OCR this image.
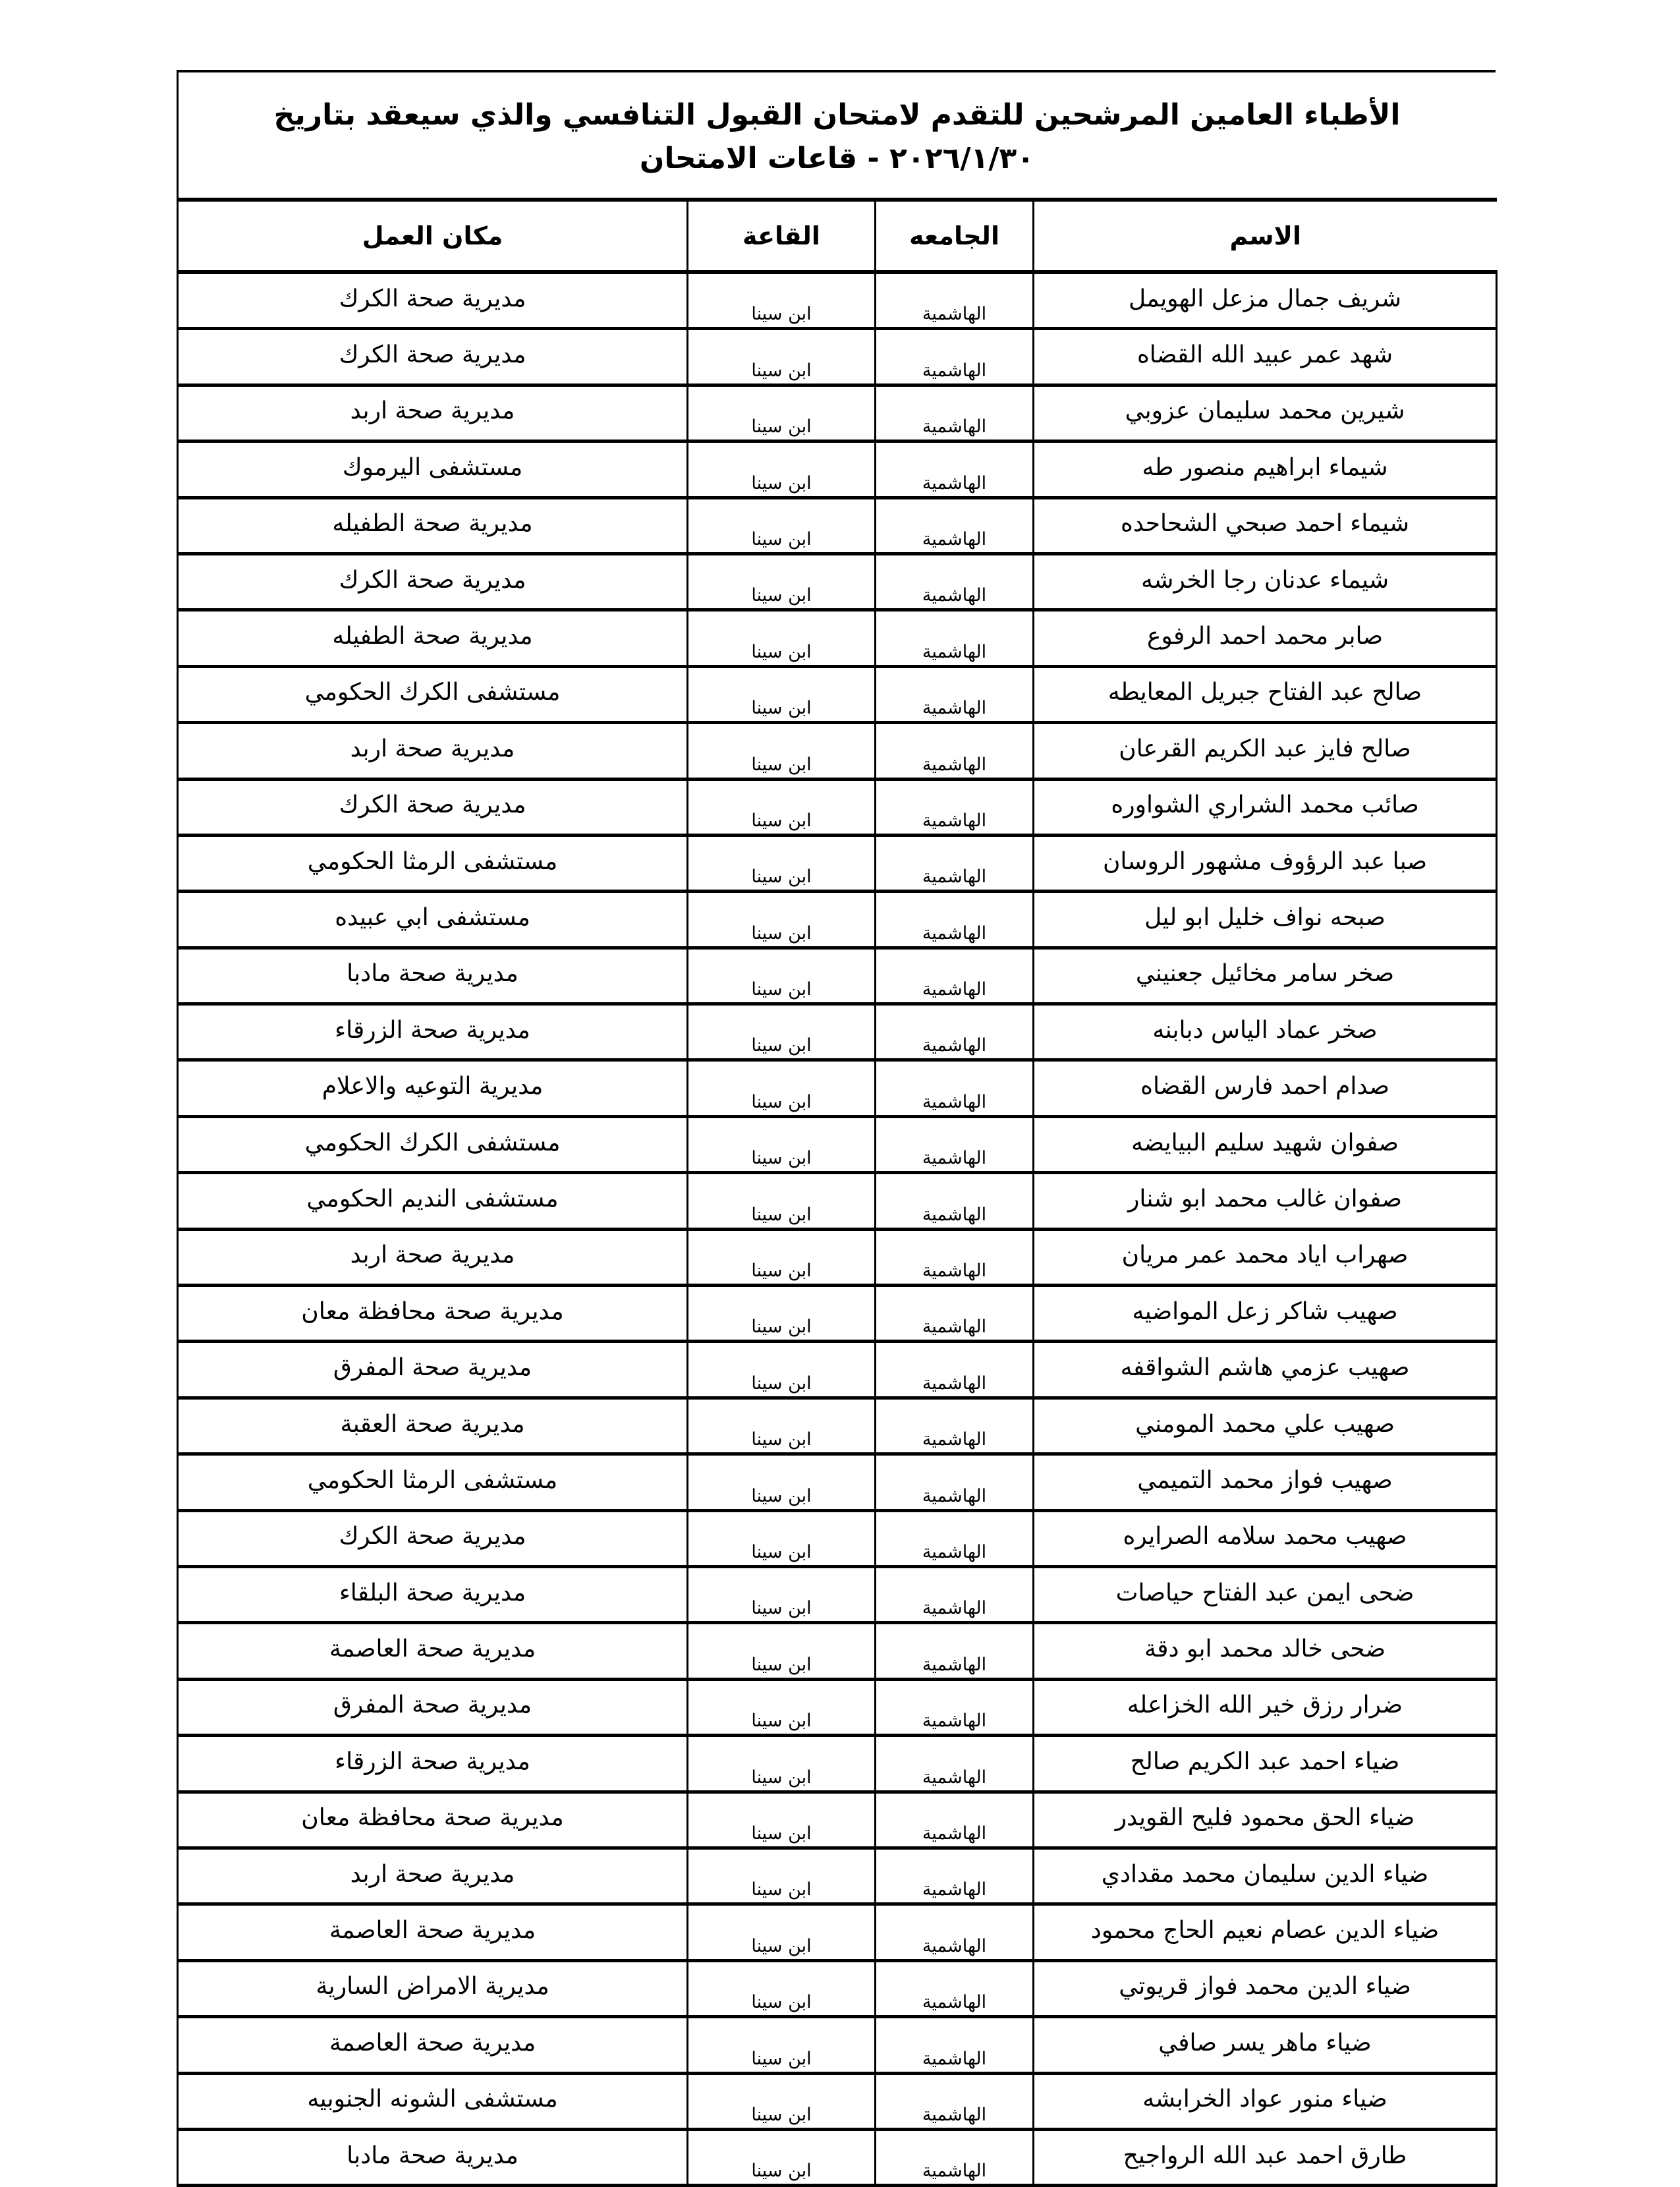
الأطباء العامين المرشحين للتقدم لامتحان القبول التنافسي والذي سيعقد بتاريخ ٢٠٢٦/١/٣٠ - قاعات الامتحان
الاسم	الجامعه	القاعة	مكان العمل
شريف جمال مزعل الهويمل	الهاشمية	ابن سينا	مديرية صحة الكرك
شهد عمر عبيد الله القضاه	الهاشمية	ابن سينا	مديرية صحة الكرك
شيرين محمد سليمان عزوبي	الهاشمية	ابن سينا	مديرية صحة اربد
شيماء ابراهيم منصور طه	الهاشمية	ابن سينا	مستشفى اليرموك
شيماء احمد صبحي الشحاحده	الهاشمية	ابن سينا	مديرية صحة الطفيله
شيماء عدنان رجا الخرشه	الهاشمية	ابن سينا	مديرية صحة الكرك
صابر محمد احمد الرفوع	الهاشمية	ابن سينا	مديرية صحة الطفيله
صالح عبد الفتاح جبريل المعايطه	الهاشمية	ابن سينا	مستشفى الكرك الحكومي
صالح فايز عبد الكريم القرعان	الهاشمية	ابن سينا	مديرية صحة اربد
صائب محمد الشراري الشواوره	الهاشمية	ابن سينا	مديرية صحة الكرك
صبا عبد الرؤوف مشهور الروسان	الهاشمية	ابن سينا	مستشفى الرمثا الحكومي
صبحه نواف خليل ابو ليل	الهاشمية	ابن سينا	مستشفى ابي عبيده
صخر سامر مخائيل جعنيني	الهاشمية	ابن سينا	مديرية صحة مادبا
صخر عماد الياس دبابنه	الهاشمية	ابن سينا	مديرية صحة الزرقاء
صدام احمد فارس القضاه	الهاشمية	ابن سينا	مديرية التوعيه والاعلام
صفوان شهيد سليم البيايضه	الهاشمية	ابن سينا	مستشفى الكرك الحكومي
صفوان غالب محمد ابو شنار	الهاشمية	ابن سينا	مستشفى النديم الحكومي
صهراب اياد محمد عمر مريان	الهاشمية	ابن سينا	مديرية صحة اربد
صهيب شاكر زعل المواضيه	الهاشمية	ابن سينا	مديرية صحة محافظة معان
صهيب عزمي هاشم الشواقفه	الهاشمية	ابن سينا	مديرية صحة المفرق
صهيب علي محمد المومني	الهاشمية	ابن سينا	مديرية صحة العقبة
صهيب فواز محمد التميمي	الهاشمية	ابن سينا	مستشفى الرمثا الحكومي
صهيب محمد سلامه الصرايره	الهاشمية	ابن سينا	مديرية صحة الكرك
ضحى ايمن عبد الفتاح حياصات	الهاشمية	ابن سينا	مديرية صحة البلقاء
ضحى خالد محمد ابو دقة	الهاشمية	ابن سينا	مديرية صحة العاصمة
ضرار رزق خير الله الخزاعله	الهاشمية	ابن سينا	مديرية صحة المفرق
ضياء احمد عبد الكريم صالح	الهاشمية	ابن سينا	مديرية صحة الزرقاء
ضياء الحق محمود فليح القويدر	الهاشمية	ابن سينا	مديرية صحة محافظة معان
ضياء الدين سليمان محمد مقدادي	الهاشمية	ابن سينا	مديرية صحة اربد
ضياء الدين عصام نعيم الحاج محمود	الهاشمية	ابن سينا	مديرية صحة العاصمة
ضياء الدين محمد فواز قريوتي	الهاشمية	ابن سينا	مديرية الامراض السارية
ضياء ماهر يسر صافي	الهاشمية	ابن سينا	مديرية صحة العاصمة
ضياء منور عواد الخرابشه	الهاشمية	ابن سينا	مستشفى الشونه الجنوبيه
طارق احمد عبد الله الرواجيح	الهاشمية	ابن سينا	مديرية صحة مادبا
